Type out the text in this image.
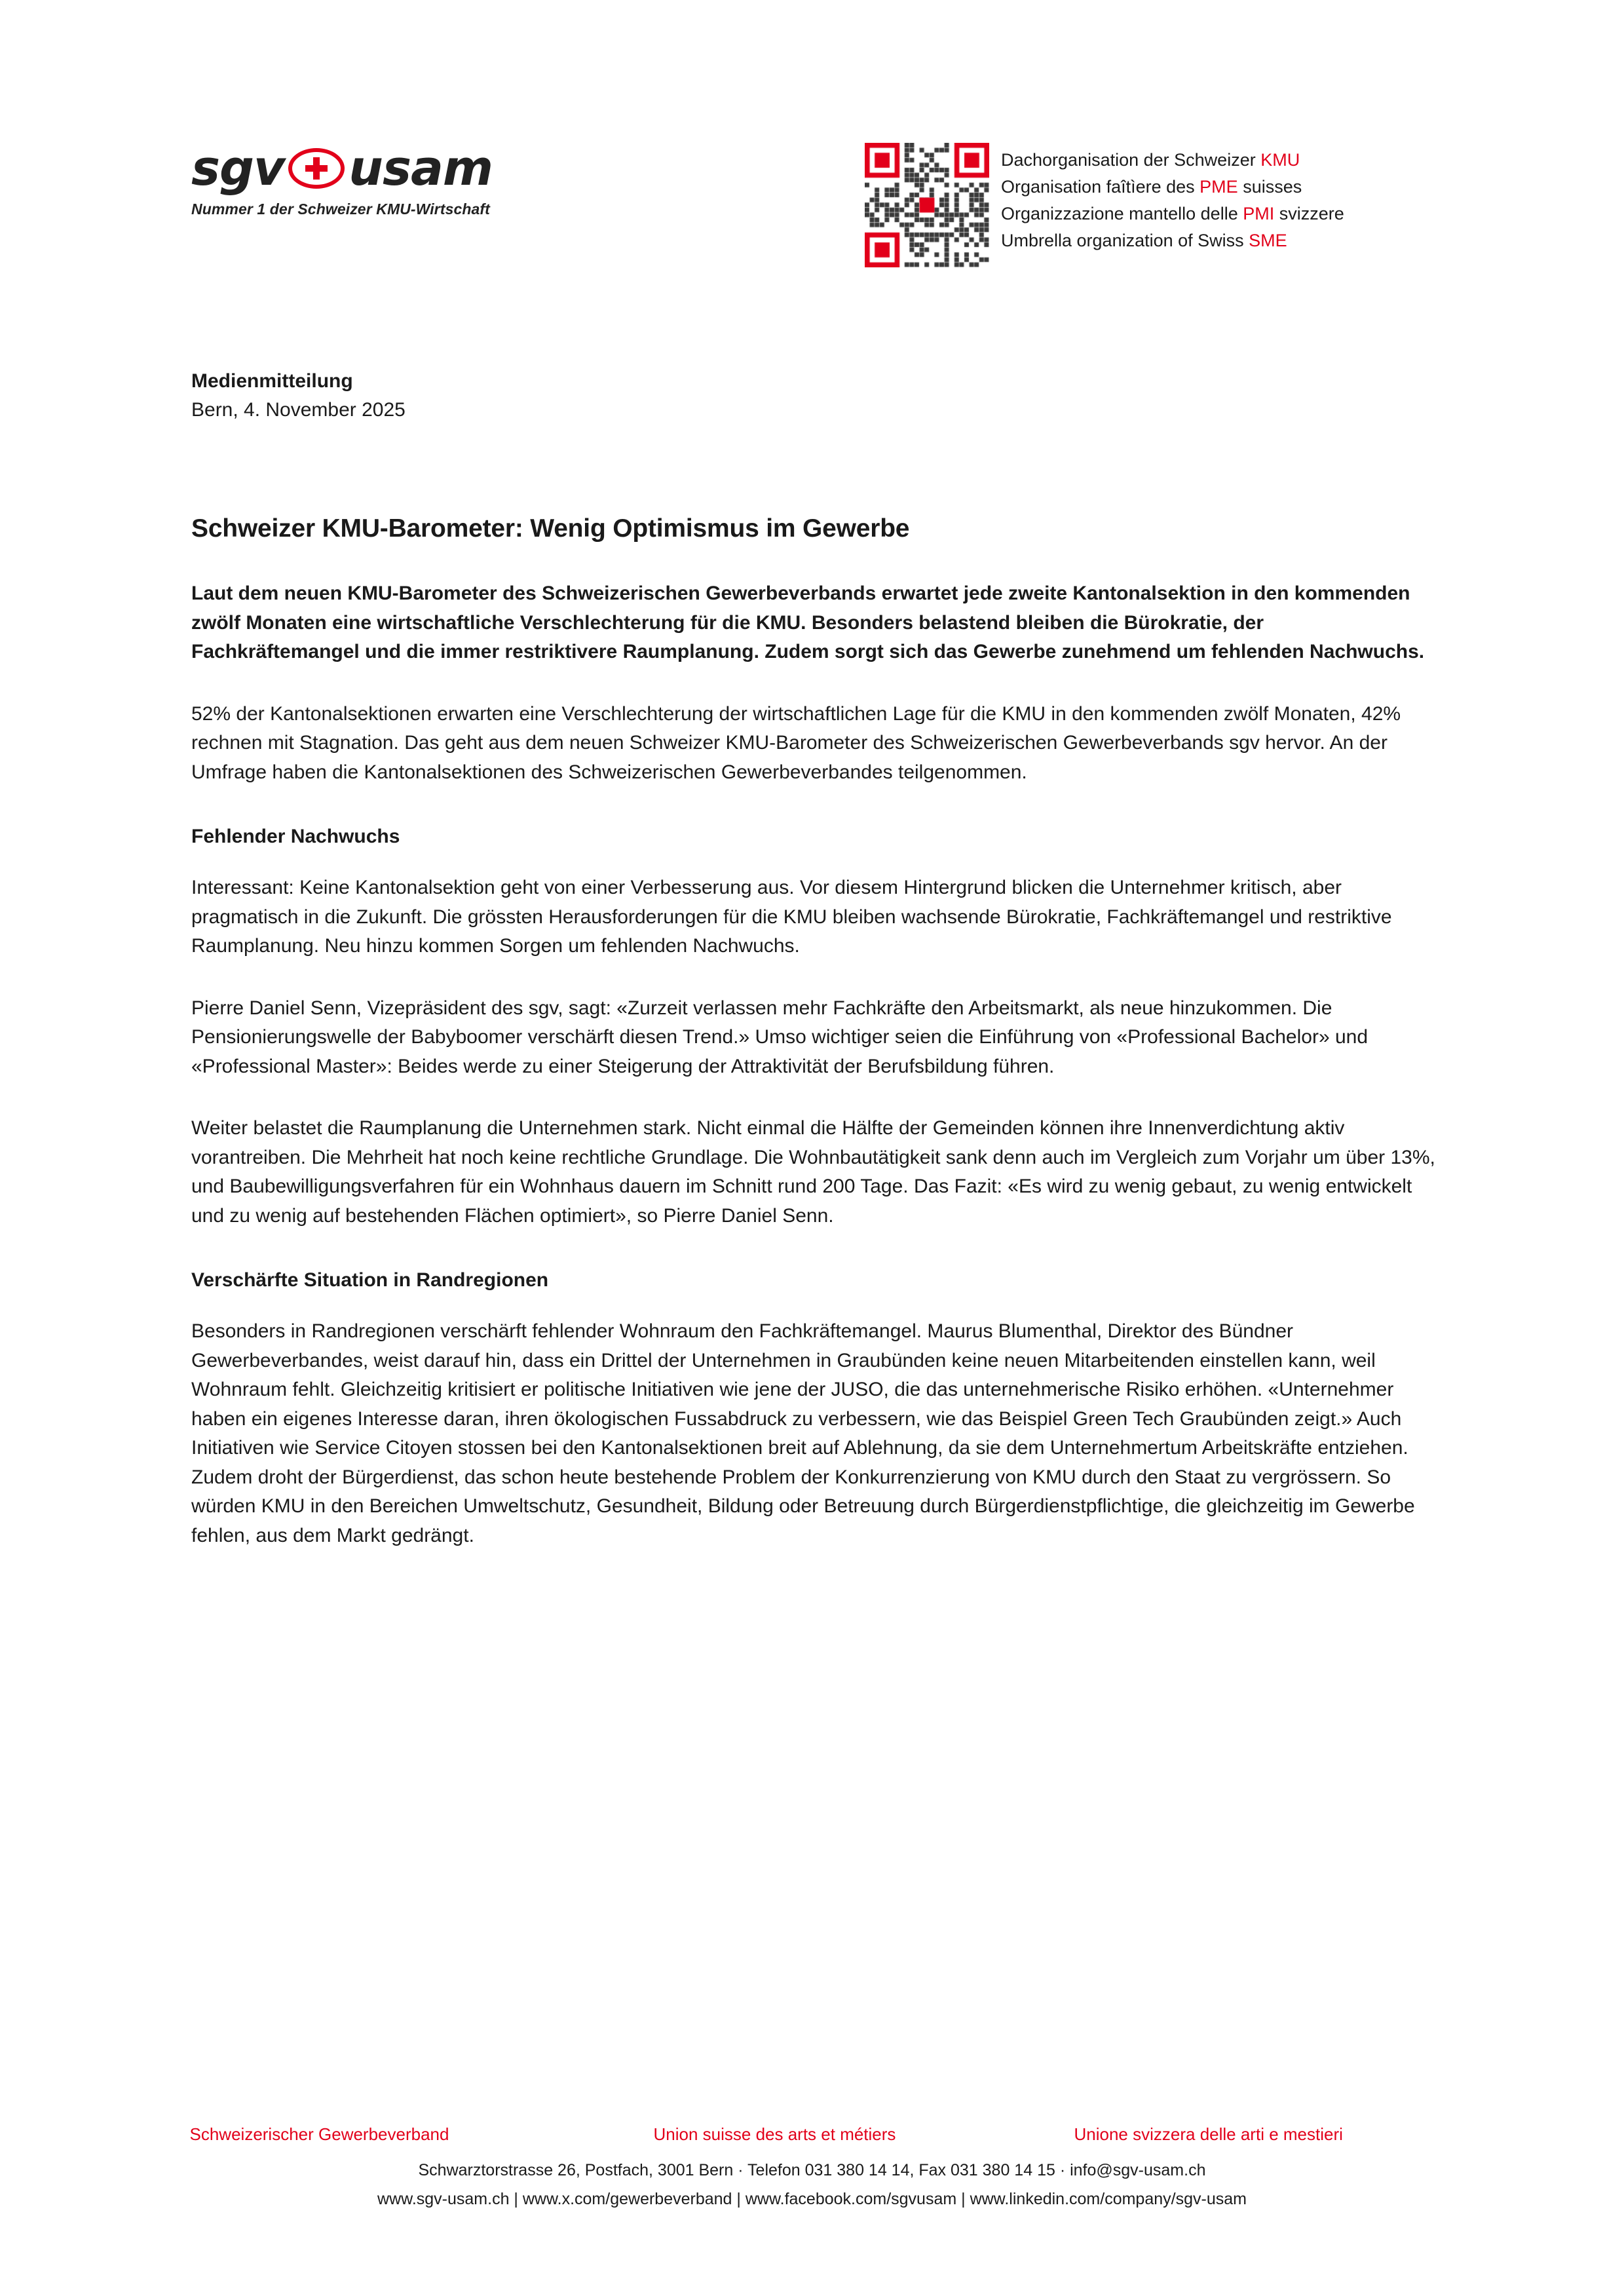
sgv usam
Nummer 1 der Schweizer KMU-Wirtschaft
Dachorganisation der Schweizer KMU
Organisation faîtìere des PME suisses
Organizzazione mantello delle PMI svizzere
Umbrella organization of Swiss SME

Medienmitteilung

Bern, 4. November 2025

Schweizer KMU-Barometer: Wenig Optimismus im Gewerbe

Laut dem neuen KMU-Barometer des Schweizerischen Gewerbeverbands erwartet jede zweite Kantonalsektion in den kommenden zwölf Monaten eine wirtschaftliche Verschlechterung für die KMU. Besonders belastend bleiben die Bürokratie, der Fachkräftemangel und die immer restriktivere Raumplanung. Zudem sorgt sich das Gewerbe zunehmend um fehlenden Nachwuchs.

52% der Kantonalsektionen erwarten eine Verschlechterung der wirtschaftlichen Lage für die KMU in den kommenden zwölf Monaten, 42% rechnen mit Stagnation. Das geht aus dem neuen Schweizer KMU-Barometer des Schweizerischen Gewerbeverbands sgv hervor. An der Umfrage haben die Kantonalsektionen des Schweizerischen Gewerbeverbandes teilgenommen.

Fehlender Nachwuchs

Interessant: Keine Kantonalsektion geht von einer Verbesserung aus. Vor diesem Hintergrund blicken die Unternehmer kritisch, aber pragmatisch in die Zukunft. Die grössten Herausforderungen für die KMU bleiben wachsende Bürokratie, Fachkräftemangel und restriktive Raumplanung. Neu hinzu kommen Sorgen um fehlenden Nachwuchs.

Pierre Daniel Senn, Vizepräsident des sgv, sagt: «Zurzeit verlassen mehr Fachkräfte den Arbeitsmarkt, als neue hinzukommen. Die Pensionierungswelle der Babyboomer verschärft diesen Trend.» Umso wichtiger seien die Einführung von «Professional Bachelor» und «Professional Master»: Beides werde zu einer Steigerung der Attraktivität der Berufsbildung führen.

Weiter belastet die Raumplanung die Unternehmen stark. Nicht einmal die Hälfte der Gemeinden können ihre Innenverdichtung aktiv vorantreiben. Die Mehrheit hat noch keine rechtliche Grundlage. Die Wohnbautätigkeit sank denn auch im Vergleich zum Vorjahr um über 13%, und Baubewilligungsverfahren für ein Wohnhaus dauern im Schnitt rund 200 Tage. Das Fazit: «Es wird zu wenig gebaut, zu wenig entwickelt und zu wenig auf bestehenden Flächen optimiert», so Pierre Daniel Senn.

Verschärfte Situation in Randregionen

Besonders in Randregionen verschärft fehlender Wohnraum den Fachkräftemangel. Maurus Blumenthal, Direktor des Bündner Gewerbeverbandes, weist darauf hin, dass ein Drittel der Unternehmen in Graubünden keine neuen Mitarbeitenden einstellen kann, weil Wohnraum fehlt. Gleichzeitig kritisiert er politische Initiativen wie jene der JUSO, die das unternehmerische Risiko erhöhen. «Unternehmer haben ein eigenes Interesse daran, ihren ökologischen Fussabdruck zu verbessern, wie das Beispiel Green Tech Graubünden zeigt.» Auch Initiativen wie Service Citoyen stossen bei den Kantonalsektionen breit auf Ablehnung, da sie dem Unternehmertum Arbeitskräfte entziehen. Zudem droht der Bürgerdienst, das schon heute bestehende Problem der Konkurrenzierung von KMU durch den Staat zu vergrössern. So würden KMU in den Bereichen Umweltschutz, Gesundheit, Bildung oder Betreuung durch Bürgerdienstpflichtige, die gleichzeitig im Gewerbe fehlen, aus dem Markt gedrängt.

Schweizerischer Gewerbeverband	Union suisse des arts et métiers	Unione svizzera delle arti e mestieri
Schwarztorstrasse 26, Postfach, 3001 Bern · Telefon 031 380 14 14, Fax 031 380 14 15 · info@sgv-usam.ch
www.sgv-usam.ch | www.x.com/gewerbeverband | www.facebook.com/sgvusam | www.linkedin.com/company/sgv-usam
